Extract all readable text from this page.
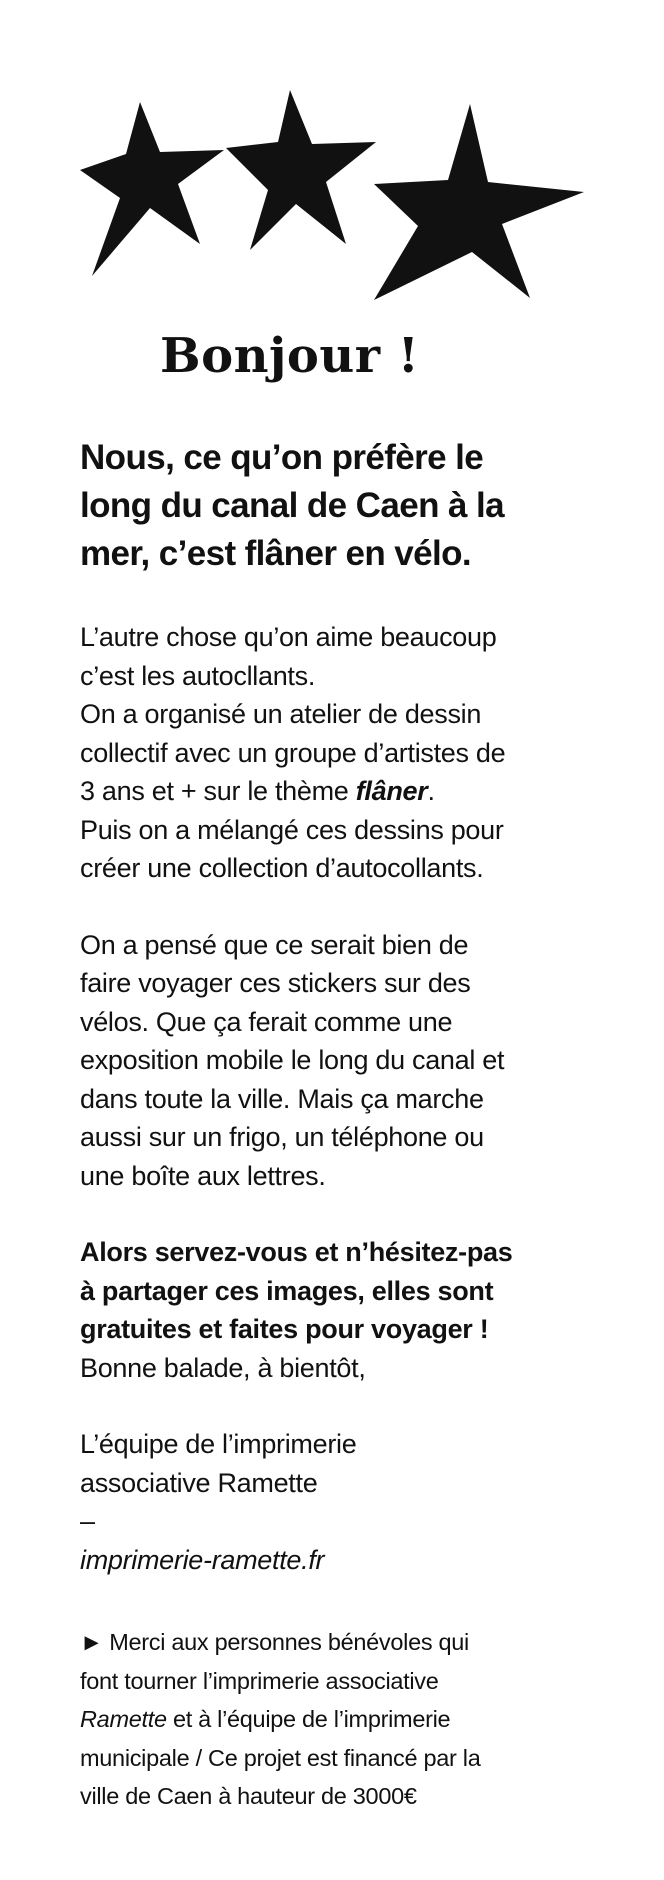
Bonjour !

Nous, ce qu’on préfère le
long du canal de Caen à la
mer, c’est flâner en vélo.

L’autre chose qu’on aime beaucoup
c’est les autocllants.
On a organisé un atelier de dessin
collectif avec un groupe d’artistes de
3 ans et + sur le thème flâner.
Puis on a mélangé ces dessins pour
créer une collection d’autocollants.

On a pensé que ce serait bien de
faire voyager ces stickers sur des
vélos. Que ça ferait comme une
exposition mobile le long du canal et
dans toute la ville. Mais ça marche
aussi sur un frigo, un téléphone ou
une boîte aux lettres.

Alors servez-vous et n’hésitez-pas
à partager ces images, elles sont
gratuites et faites pour voyager !
Bonne balade, à bientôt,

L’équipe de l’imprimerie
associative Ramette
–
imprimerie-ramette.fr

► Merci aux personnes bénévoles qui
font tourner l’imprimerie associative
Ramette et à l’équipe de l’imprimerie
municipale / Ce projet est financé par la
ville de Caen à hauteur de 3000€
